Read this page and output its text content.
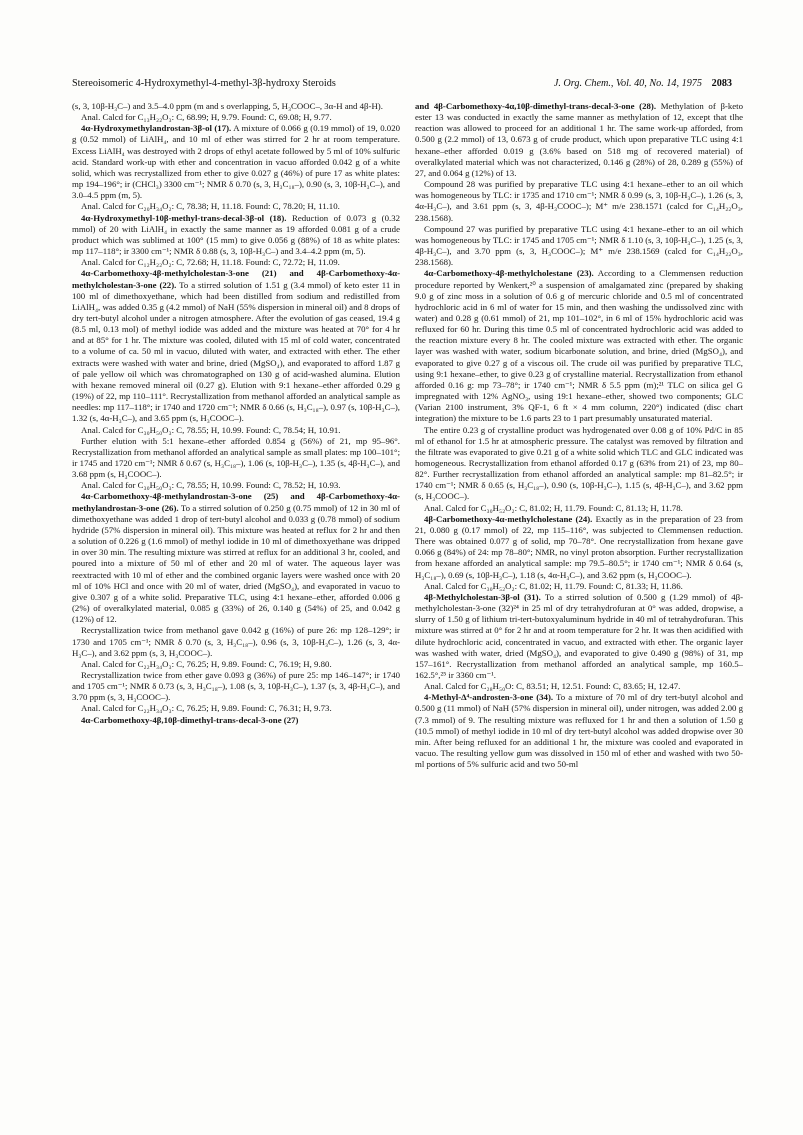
Stereoisomeric 4-Hydroxymethyl-4-methyl-3β-hydroxy Steroids	J. Org. Chem., Vol. 40, No. 14, 1975 2083

(s, 3, 10β-H₃C–) and 3.5–4.0 ppm (m and s overlapping, 5, H₃COOC–, 3α-H and 4β-H).

Anal. Calcd for C₁₃H₂₂O₃: C, 68.99; H, 9.79. Found: C, 69.08; H, 9.77.

4α-Hydroxymethylandrostan-3β-ol (17). A mixture of 0.066 g (0.19 mmol) of 19, 0.020 g (0.52 mmol) of LiAlH₄, and 10 ml of ether was stirred for 2 hr at room temperature. Excess LiAlH₄ was destroyed with 2 drops of ethyl acetate followed by 5 ml of 10% sulfuric acid. Standard work-up with ether and concentration in vacuo afforded 0.042 g of a white solid, which was recrystallized from ether to give 0.027 g (46%) of pure 17 as white plates: mp 194–196°; ir (CHCl₃) 3300 cm⁻¹; NMR δ 0.70 (s, 3, H₃C₁₈–), 0.90 (s, 3, 10β-H₃C–), and 3.0–4.5 ppm (m, 5).

Anal. Calcd for C₂₀H₃₄O₂: C, 78.38; H, 11.18. Found: C, 78.20; H, 11.10.

4α-Hydroxymethyl-10β-methyl-trans-decal-3β-ol (18). Reduction of 0.073 g (0.32 mmol) of 20 with LiAlH₄ in exactly the same manner as 19 afforded 0.081 g of a crude product which was sublimed at 100° (15 mm) to give 0.056 g (88%) of 18 as white plates: mp 117–118°; ir 3300 cm⁻¹; NMR δ 0.88 (s, 3, 10β-H₃C–) and 3.4–4.2 ppm (m, 5).

Anal. Calcd for C₁₂H₂₂O₂: C, 72.68; H, 11.18. Found: C, 72.72; H, 11.09.

4α-Carbomethoxy-4β-methylcholestan-3-one (21) and 4β-Carbomethoxy-4α-methylcholestan-3-one (22). To a stirred solution of 1.51 g (3.4 mmol) of keto ester 11 in 100 ml of dimethoxyethane, which had been distilled from sodium and redistilled from LiAlH₄, was added 0.35 g (4.2 mmol) of NaH (55% dispersion in mineral oil) and 8 drops of dry tert-butyl alcohol under a nitrogen atmosphere. After the evolution of gas ceased, 19.4 g (8.5 ml, 0.13 mol) of methyl iodide was added and the mixture was heated at 70° for 4 hr and at 85° for 1 hr. The mixture was cooled, diluted with 15 ml of cold water, concentrated to a volume of ca. 50 ml in vacuo, diluted with water, and extracted with ether. The ether extracts were washed with water and brine, dried (MgSO₄), and evaporated to afford 1.87 g of pale yellow oil which was chromatographed on 130 g of acid-washed alumina. Elution with hexane removed mineral oil (0.27 g). Elution with 9:1 hexane–ether afforded 0.29 g (19%) of 22, mp 110–111°. Recrystallization from methanol afforded an analytical sample as needles: mp 117–118°; ir 1740 and 1720 cm⁻¹; NMR δ 0.66 (s, H₃C₁₈–), 0.97 (s, 10β-H₃C–), 1.32 (s, 4α-H₃C–), and 3.65 ppm (s, H₃COOC–).

Anal. Calcd for C₃₀H₅₀O₃: C, 78.55; H, 10.99. Found: C, 78.54; H, 10.91.

Further elution with 5:1 hexane–ether afforded 0.854 g (56%) of 21, mp 95–96°. Recrystallization from methanol afforded an analytical sample as small plates: mp 100–101°; ir 1745 and 1720 cm⁻¹; NMR δ 0.67 (s, H₃C₁₈–), 1.06 (s, 10β-H₃C–), 1.35 (s, 4β-H₃C–), and 3.68 ppm (s, H₃COOC–).

Anal. Calcd for C₃₀H₅₀O₃: C, 78.55; H, 10.99. Found: C, 78.52; H, 10.93.

4α-Carbomethoxy-4β-methylandrostan-3-one (25) and 4β-Carbomethoxy-4α-methylandrostan-3-one (26). To a stirred solution of 0.250 g (0.75 mmol) of 12 in 30 ml of dimethoxyethane was added 1 drop of tert-butyl alcohol and 0.033 g (0.78 mmol) of sodium hydride (57% dispersion in mineral oil). This mixture was heated at reflux for 2 hr and then a solution of 0.226 g (1.6 mmol) of methyl iodide in 10 ml of dimethoxyethane was dripped in over 30 min. The resulting mixture was stirred at reflux for an additional 3 hr, cooled, and poured into a mixture of 50 ml of ether and 20 ml of water. The aqueous layer was reextracted with 10 ml of ether and the combined organic layers were washed once with 20 ml of 10% HCl and once with 20 ml of water, dried (MgSO₄), and evaporated in vacuo to give 0.307 g of a white solid. Preparative TLC, using 4:1 hexane–ether, afforded 0.006 g (2%) of overalkylated material, 0.085 g (33%) of 26, 0.140 g (54%) of 25, and 0.042 g (12%) of 12.

Recrystallization twice from methanol gave 0.042 g (16%) of pure 26: mp 128–129°; ir 1730 and 1705 cm⁻¹; NMR δ 0.70 (s, 3, H₃C₁₈–), 0.96 (s, 3, 10β-H₃C–), 1.26 (s, 3, 4α-H₃C–), and 3.62 ppm (s, 3, H₃COOC–).

Anal. Calcd for C₂₂H₃₄O₃: C, 76.25; H, 9.89. Found: C, 76.19; H, 9.80.

Recrystallization twice from ether gave 0.093 g (36%) of pure 25: mp 146–147°; ir 1740 and 1705 cm⁻¹; NMR δ 0.73 (s, 3, H₃C₁₈–), 1.08 (s, 3, 10β-H₃C–), 1.37 (s, 3, 4β-H₃C–), and 3.70 ppm (s, 3, H₃COOC–).

Anal. Calcd for C₂₂H₃₄O₃: C, 76.25; H, 9.89. Found: C, 76.31; H, 9.73.

4α-Carbomethoxy-4β,10β-dimethyl-trans-decal-3-one (27)

and 4β-Carbomethoxy-4α,10β-dimethyl-trans-decal-3-one (28). Methylation of β-keto ester 13 was conducted in exactly the same manner as methylation of 12, except that tlhe reaction was allowed to proceed for an additional 1 hr. The same work-up afforded, from 0.500 g (2.2 mmol) of 13, 0.673 g of crude product, which upon preparative TLC using 4:1 hexane–ether afforded 0.019 g (3.6% based on 518 mg of recovered material) of overalkylated material which was not characterized, 0.146 g (28%) of 28, 0.289 g (55%) of 27, and 0.064 g (12%) of 13.

Compound 28 was purified by preparative TLC using 4:1 hexane–ether to an oil which was homogeneous by TLC: ir 1735 and 1710 cm⁻¹; NMR δ 0.99 (s, 3, 10β-H₃C–), 1.26 (s, 3, 4α-H₃C–), and 3.61 ppm (s, 3, 4β-H₃COOC–); M⁺ m/e 238.1571 (calcd for C₁₄H₂₂O₃, 238.1568).

Compound 27 was purified by preparative TLC using 4:1 hexane–ether to an oil which was homogeneous by TLC: ir 1745 and 1705 cm⁻¹; NMR δ 1.10 (s, 3, 10β-H₃C–), 1.25 (s, 3, 4β-H₃C–), and 3.70 ppm (s, 3, H₃COOC–); M⁺ m/e 238.1569 (calcd for C₁₄H₂₂O₃, 238.1568).

4α-Carbomethoxy-4β-methylcholestane (23). According to a Clemmensen reduction procedure reported by Wenkert,²⁰ a suspension of amalgamated zinc (prepared by shaking 9.0 g of zinc moss in a solution of 0.6 g of mercuric chloride and 0.5 ml of concentrated hydrochloric acid in 6 ml of water for 15 min, and then washing the undissolved zinc with water) and 0.28 g (0.61 mmol) of 21, mp 101–102°, in 6 ml of 15% hydrochloric acid was refluxed for 60 hr. During this time 0.5 ml of concentrated hydrochloric acid was added to the reaction mixture every 8 hr. The cooled mixture was extracted with ether. The organic layer was washed with water, sodium bicarbonate solution, and brine, dried (MgSO₄), and evaporated to give 0.27 g of a viscous oil. The crude oil was purified by preparative TLC, using 9:1 hexane–ether, to give 0.23 g of crystalline material. Recrystallization from ethanol afforded 0.16 g: mp 73–78°; ir 1740 cm⁻¹; NMR δ 5.5 ppm (m);²¹ TLC on silica gel G impregnated with 12% AgNO₃, using 19:1 hexane–ether, showed two components; GLC (Varian 2100 instrument, 3% QF-1, 6 ft × 4 mm column, 220°) indicated (disc chart integration) the mixture to be 1.6 parts 23 to 1 part presumably unsaturated material.

The entire 0.23 g of crystalline product was hydrogenated over 0.08 g of 10% Pd/C in 85 ml of ethanol for 1.5 hr at atmospheric pressure. The catalyst was removed by filtration and the filtrate was evaporated to give 0.21 g of a white solid which TLC and GLC indicated was homogeneous. Recrystallization from ethanol afforded 0.17 g (63% from 21) of 23, mp 80–82°. Further recrystallization from ethanol afforded an analytical sample: mp 81–82.5°; ir 1740 cm⁻¹; NMR δ 0.65 (s, H₃C₁₈–), 0.90 (s, 10β-H₃C–), 1.15 (s, 4β-H₃C–), and 3.62 ppm (s, H₃COOC–).

Anal. Calcd for C₃₀H₅₂O₂: C, 81.02; H, 11.79. Found: C, 81.13; H, 11.78.

4β-Carbomethoxy-4α-methylcholestane (24). Exactly as in the preparation of 23 from 21, 0.080 g (0.17 mmol) of 22, mp 115–116°, was subjected to Clemmensen reduction. There was obtained 0.077 g of solid, mp 70–78°. One recrystallization from hexane gave 0.066 g (84%) of 24: mp 78–80°; NMR, no vinyl proton absorption. Further recrystallization from hexane afforded an analytical sample: mp 79.5–80.5°; ir 1740 cm⁻¹; NMR δ 0.64 (s, H₃C₁₈–), 0.69 (s, 10β-H₃C–), 1.18 (s, 4α-H₃C–), and 3.62 ppm (s, H₃COOC–).

Anal. Calcd for C₃₀H₅₂O₂: C, 81.02; H, 11.79. Found: C, 81.33; H, 11.86.

4β-Methylcholestan-3β-ol (31). To a stirred solution of 0.500 g (1.29 mmol) of 4β-methylcholestan-3-one (32)²⁴ in 25 ml of dry tetrahydrofuran at 0° was added, dropwise, a slurry of 1.50 g of lithium tri-tert-butoxyaluminum hydride in 40 ml of tetrahydrofuran. This mixture was stirred at 0° for 2 hr and at room temperature for 2 hr. It was then acidified with dilute hydrochloric acid, concentrated in vacuo, and extracted with ether. The organic layer was washed with water, dried (MgSO₄), and evaporated to give 0.490 g (98%) of 31, mp 157–161°. Recrystallization from methanol afforded an analytical sample, mp 160.5–162.5°,²⁵ ir 3360 cm⁻¹.

Anal. Calcd for C₂₈H₅₀O: C, 83.51; H, 12.51. Found: C, 83.65; H, 12.47.

4-Methyl-Δ⁴-androsten-3-one (34). To a mixture of 70 ml of dry tert-butyl alcohol and 0.500 g (11 mmol) of NaH (57% dispersion in mineral oil), under nitrogen, was added 2.00 g (7.3 mmol) of 9. The resulting mixture was refluxed for 1 hr and then a solution of 1.50 g (10.5 mmol) of methyl iodide in 10 ml of dry tert-butyl alcohol was added dropwise over 30 min. After being refluxed for an additional 1 hr, the mixture was cooled and evaporated in vacuo. The resulting yellow gum was dissolved in 150 ml of ether and washed with two 50-ml portions of 5% sulfuric acid and two 50-ml
